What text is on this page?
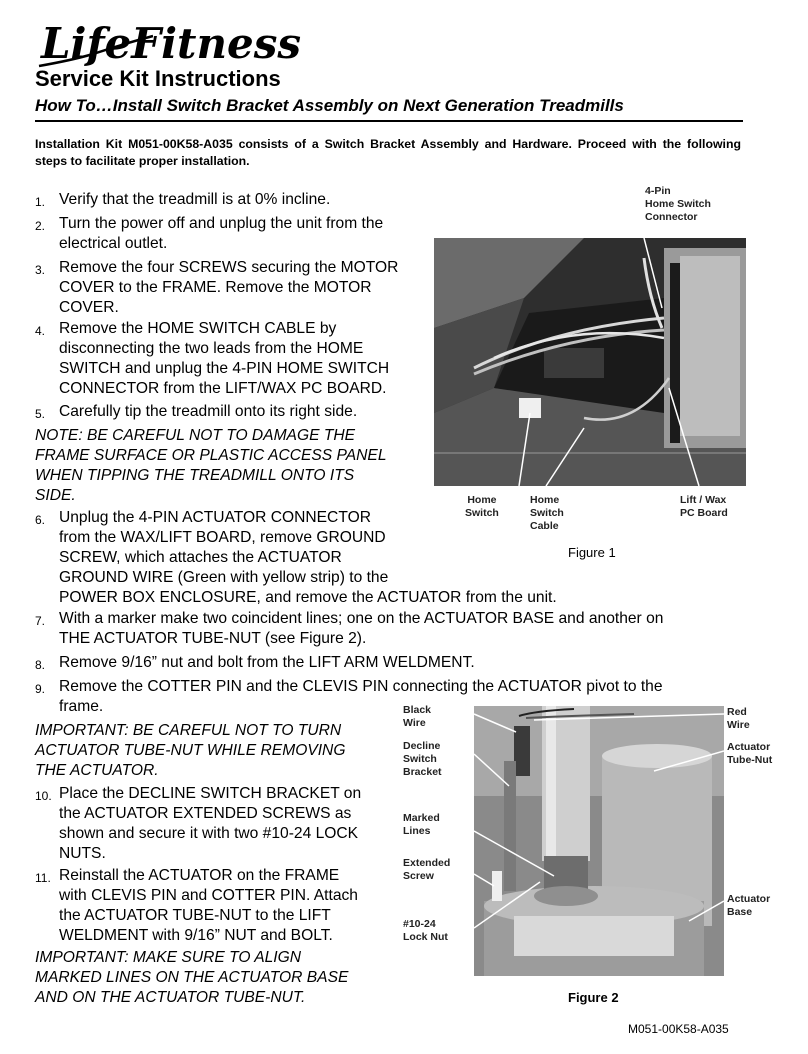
LifeFitness
Service Kit Instructions
How To…Install Switch Bracket Assembly on Next Generation Treadmills
Installation Kit M051-00K58-A035 consists of a Switch Bracket Assembly and Hardware. Proceed with the following steps to facilitate proper installation.
1. Verify that the treadmill is at 0% incline.
2. Turn the power off and unplug the unit from the
electrical outlet.
3. Remove the four SCREWS securing the MOTOR
COVER to the FRAME. Remove the MOTOR
COVER.
4. Remove the HOME SWITCH CABLE by
disconnecting the two leads from the HOME
SWITCH and unplug the 4-PIN HOME SWITCH
CONNECTOR from the LIFT/WAX PC BOARD.
5. Carefully tip the treadmill onto its right side.
NOTE: BE CAREFUL NOT TO DAMAGE THE
FRAME SURFACE OR PLASTIC ACCESS PANEL
WHEN TIPPING THE TREADMILL ONTO ITS
SIDE.
6. Unplug the 4-PIN ACTUATOR CONNECTOR
from the WAX/LIFT BOARD, remove GROUND
SCREW, which attaches the ACTUATOR
GROUND WIRE (Green with yellow strip) to the
POWER BOX ENCLOSURE, and remove the ACTUATOR from the unit.
7. With a marker make two coincident lines; one on the ACTUATOR BASE and another on
THE ACTUATOR TUBE-NUT (see Figure 2).
8. Remove 9/16” nut and bolt from the LIFT ARM WELDMENT.
9. Remove the COTTER PIN and the CLEVIS PIN connecting the ACTUATOR pivot to the
frame.
IMPORTANT: BE CAREFUL NOT TO TURN
ACTUATOR TUBE-NUT WHILE REMOVING
THE ACTUATOR.
10. Place the DECLINE SWITCH BRACKET on
the ACTUATOR EXTENDED SCREWS as
shown and secure it with two #10-24 LOCK
NUTS.
11. Reinstall the ACTUATOR on the FRAME
with CLEVIS PIN and COTTER PIN. Attach
the ACTUATOR TUBE-NUT to the LIFT
WELDMENT with 9/16” NUT and BOLT.
IMPORTANT: MAKE SURE TO ALIGN
MARKED LINES ON THE ACTUATOR BASE
AND ON THE ACTUATOR TUBE-NUT.
4-Pin
Home Switch
Connector
Home
Switch
Home
Switch
Cable
Lift / Wax
PC Board
Figure 1
Black
Wire
Decline
Switch
Bracket
Marked
Lines
Extended
Screw
#10-24
Lock Nut
Red
Wire
Actuator
Tube-Nut
Actuator
Base
Figure 2
M051-00K58-A035
